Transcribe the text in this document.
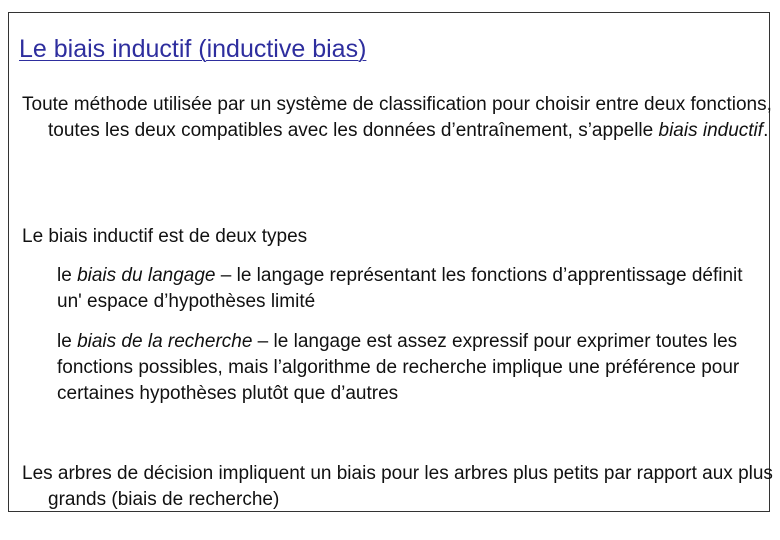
Le biais inductif (inductive bias)

Toute méthode utilisée par un système de classification pour choisir entre deux fonctions, toutes les deux compatibles avec les données d’entraînement, s’appelle biais inductif.

Le biais inductif est de deux types

le biais du langage – le langage représentant les fonctions d’apprentissage définit un' espace d’hypothèses limité

le biais de la recherche – le langage est assez expressif pour exprimer toutes les fonctions possibles, mais l’algorithme de recherche implique une préférence pour certaines hypothèses plutôt que d’autres

Les arbres de décision impliquent un biais pour les arbres plus petits par rapport aux plus grands (biais de recherche)
